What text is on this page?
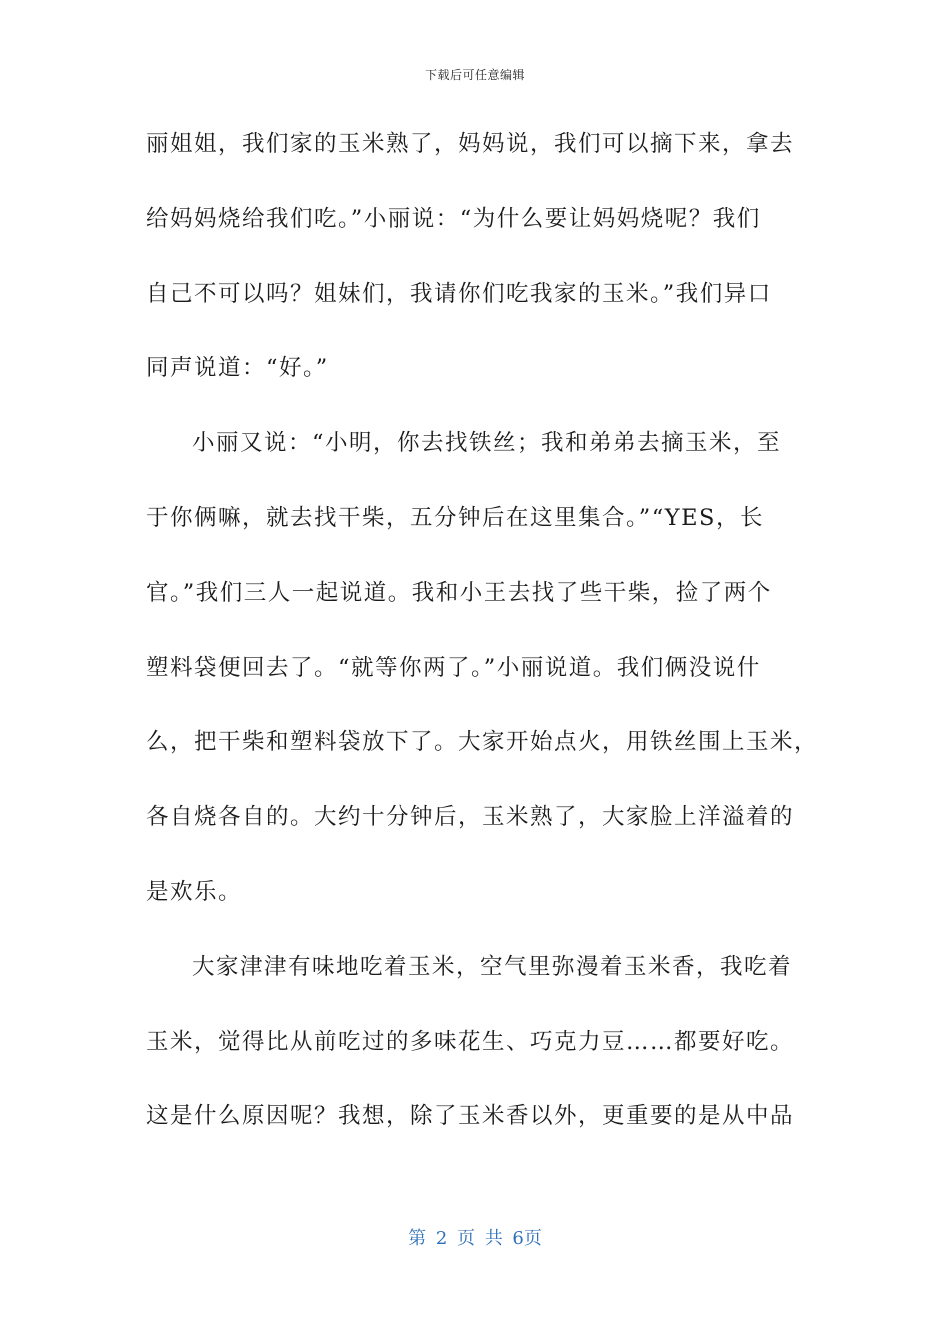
下载后可任意编辑
丽姐姐，我们家的玉米熟了，妈妈说，我们可以摘下来，拿去
给妈妈烧给我们吃。”小丽说：“为什么要让妈妈烧呢？我们
自己不可以吗？姐妹们，我请你们吃我家的玉米。”我们异口
同声说道：“好。”
小丽又说：“小明，你去找铁丝；我和弟弟去摘玉米，至
于你俩嘛，就去找干柴，五分钟后在这里集合。”“YES，长
官。”我们三人一起说道。我和小王去找了些干柴，捡了两个
塑料袋便回去了。“就等你两了。”小丽说道。我们俩没说什
么，把干柴和塑料袋放下了。大家开始点火，用铁丝围上玉米，
各自烧各自的。大约十分钟后，玉米熟了，大家脸上洋溢着的
是欢乐。
大家津津有味地吃着玉米，空气里弥漫着玉米香，我吃着
玉米，觉得比从前吃过的多味花生、巧克力豆……都要好吃。
这是什么原因呢？我想，除了玉米香以外，更重要的是从中品
第 2 页 共 6页
